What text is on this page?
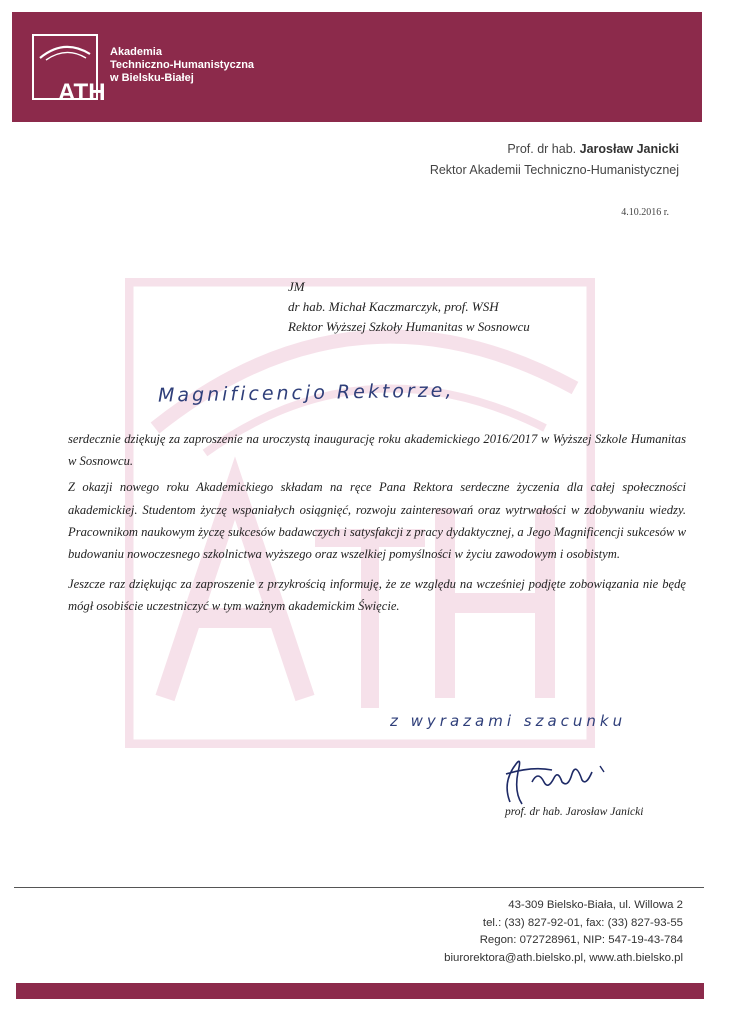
ATH
Akademia
Techniczno-Humanistyczna
w Bielsku-Białej
Prof. dr hab. Jarosław Janicki
Rektor Akademii Techniczno-Humanistycznej
4.10.2016 r.
JM
dr hab. Michał Kaczmarczyk, prof. WSH
Rektor Wyższej Szkoły Humanitas w Sosnowcu
Magnificencjo Rektorze,

serdecznie dziękuję za zaproszenie na uroczystą inaugurację roku akademickiego 2016/2017 w Wyższej Szkole Humanitas w Sosnowcu.

Z okazji nowego roku Akademickiego składam na ręce Pana Rektora serdeczne życzenia dla całej społeczności akademickiej. Studentom życzę wspaniałych osiągnięć, rozwoju zainteresowań oraz wytrwałości w zdobywaniu wiedzy. Pracownikom naukowym życzę sukcesów badawczych i satysfakcji z pracy dydaktycznej, a Jego Magnificencji sukcesów w budowaniu nowoczesnego szkolnictwa wyższego oraz wszelkiej pomyślności w życiu zawodowym i osobistym.

Jeszcze raz dziękując za zaproszenie z przykrością informuję, że ze względu na wcześniej podjęte zobowiązania nie będę mógł osobiście uczestniczyć w tym ważnym akademickim Święcie.

z wyrazami szacunku
prof. dr hab. Jarosław Janicki
43-309 Bielsko-Biała, ul. Willowa 2
tel.: (33) 827-92-01, fax: (33) 827-93-55
Regon: 072728961, NIP: 547-19-43-784
biurorektora@ath.bielsko.pl, www.ath.bielsko.pl
